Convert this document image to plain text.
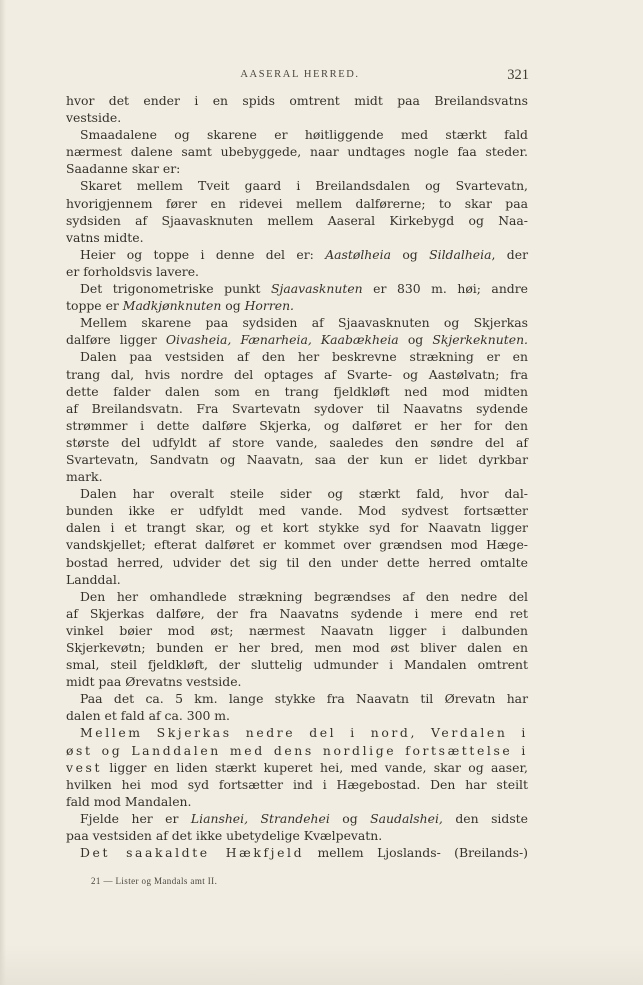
AASERAL HERRED.	321
hvor det ender i en spids omtrent midt paa Breilandsvatns
vestside.
Smaadalene og skarene er høitliggende med stærkt fald
nærmest dalene samt ubebyggede, naar undtages nogle faa steder.
Saadanne skar er:
Skaret mellem Tveit gaard i Breilandsdalen og Svartevatn,
hvorigjennem fører en ridevei mellem dalførerne; to skar paa
sydsiden af Sjaavasknuten mellem Aaseral Kirkebygd og Naa-
vatns midte.
Heier og toppe i denne del er: Aastølheia og Sildalheia, der
er forholdsvis lavere.
Det trigonometriske punkt Sjaavasknuten er 830 m. høi; andre
toppe er Madkjønknuten og Horren.
Mellem skarene paa sydsiden af Sjaavasknuten og Skjerkas
dalføre ligger Oivasheia, Fænarheia, Kaabækheia og Skjerkeknuten.
Dalen paa vestsiden af den her beskrevne strækning er en
trang dal, hvis nordre del optages af Svarte- og Aastølvatn; fra
dette falder dalen som en trang fjeldkløft ned mod midten
af Breilandsvatn. Fra Svartevatn sydover til Naavatns sydende
strømmer i dette dalføre Skjerka, og dalføret er her for den
største del udfyldt af store vande, saaledes den søndre del af
Svartevatn, Sandvatn og Naavatn, saa der kun er lidet dyrkbar
mark.
Dalen har overalt steile sider og stærkt fald, hvor dal-
bunden ikke er udfyldt med vande. Mod sydvest fortsætter
dalen i et trangt skar, og et kort stykke syd for Naavatn ligger
vandskjellet; efterat dalføret er kommet over grændsen mod Hæge-
bostad herred, udvider det sig til den under dette herred omtalte
Landdal.
Den her omhandlede strækning begrændses af den nedre del
af Skjerkas dalføre, der fra Naavatns sydende i mere end ret
vinkel bøier mod øst; nærmest Naavatn ligger i dalbunden
Skjerkevøtn; bunden er her bred, men mod øst bliver dalen en
smal, steil fjeldkløft, der sluttelig udmunder i Mandalen omtrent
midt paa Ørevatns vestside.
Paa det ca. 5 km. lange stykke fra Naavatn til Ørevatn har
dalen et fald af ca. 300 m.
Mellem Skjerkas nedre del i nord, Verdalen i
øst og Landdalen med dens nordlige fortsættelse i
vest ligger en liden stærkt kuperet hei, med vande, skar og aaser,
hvilken hei mod syd fortsætter ind i Hægebostad. Den har steilt
fald mod Mandalen.
Fjelde her er Lianshei, Strandehei og Saudalshei, den sidste
paa vestsiden af det ikke ubetydelige Kvælpevatn.
Det saakaldte Hækfjeld mellem Ljoslands- (Breilands-)
21 — Lister og Mandals amt II.
